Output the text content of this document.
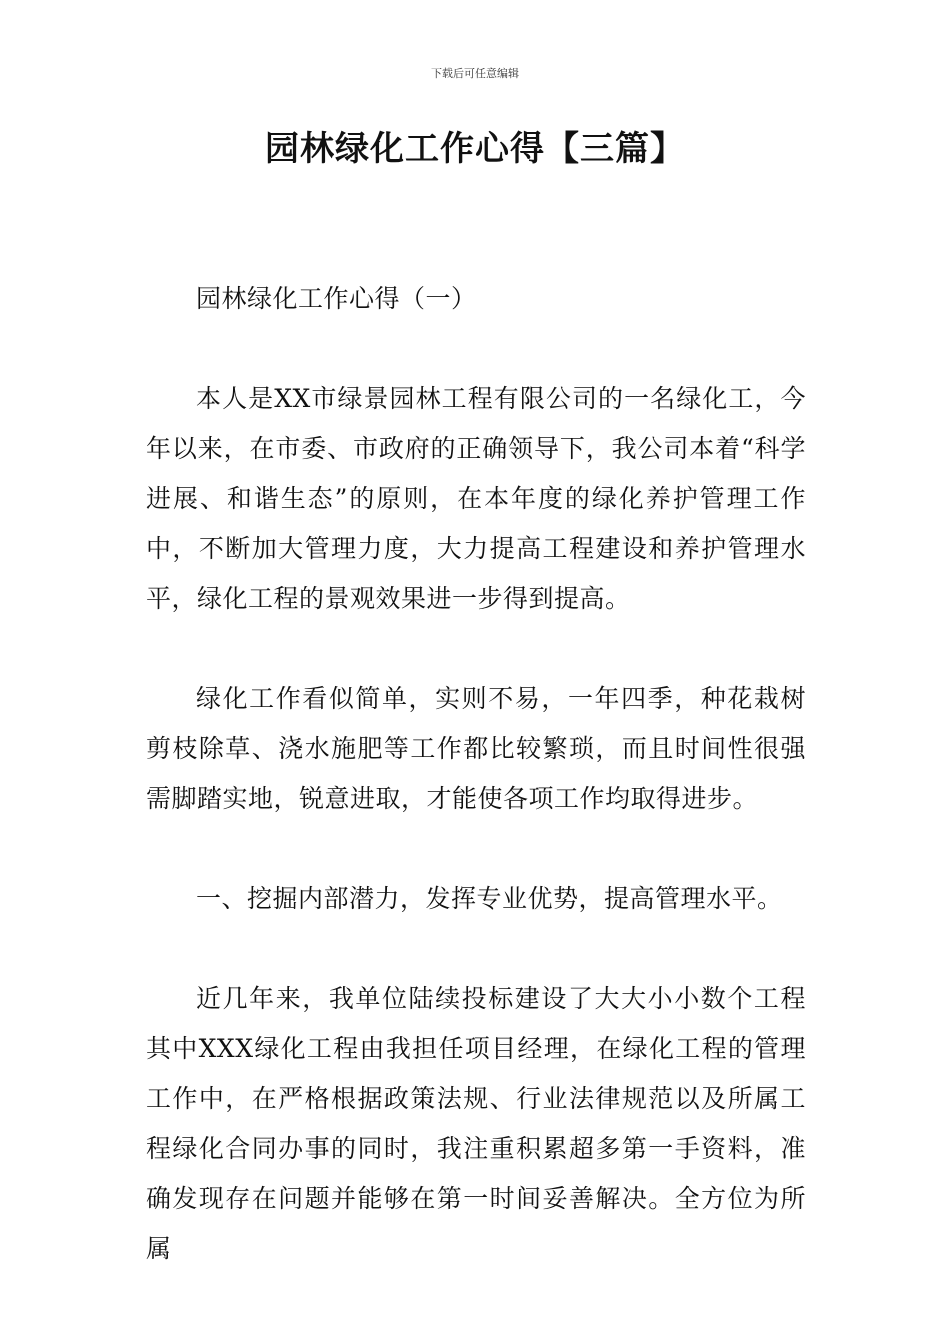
下载后可任意编辑
园林绿化工作心得【三篇】

园林绿化工作心得（一）

本人是XX市绿景园林工程有限公司的一名绿化工，今年以来，在市委、市政府的正确领导下，我公司本着“科学进展、和谐生态”的原则，在本年度的绿化养护管理工作中，不断加大管理力度，大力提高工程建设和养护管理水平，绿化工程的景观效果进一步得到提高。

绿化工作看似简单，实则不易，一年四季，种花栽树剪枝除草、浇水施肥等工作都比较繁琐，而且时间性很强需脚踏实地，锐意进取，才能使各项工作均取得进步。

一、挖掘内部潜力，发挥专业优势，提高管理水平。

近几年来，我单位陆续投标建设了大大小小数个工程其中XXX绿化工程由我担任项目经理，在绿化工程的管理工作中，在严格根据政策法规、行业法律规范以及所属工程绿化合同办事的同时，我注重积累超多第一手资料，准确发现存在问题并能够在第一时间妥善解决。全方位为所属
